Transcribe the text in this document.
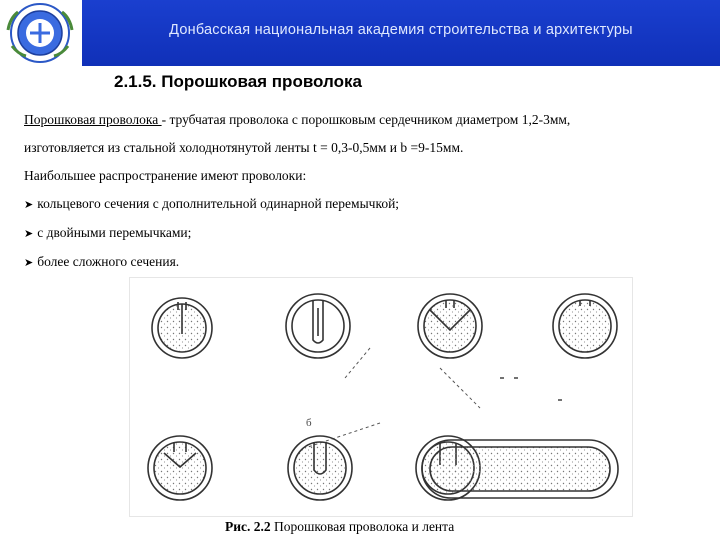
Донбасская национальная академия строительства и архитектуры
2.1.5. Порошковая проволока
Порошковая проволока - трубчатая проволока с порошковым сердечником диаметром 1,2-3мм,
изготовляется из стальной холоднотянутой ленты t = 0,3-0,5мм и b =9-15мм.
Наибольшее распространение имеют проволоки:
➤ кольцевого сечения с дополнительной одинарной перемычкой;
➤ с двойными перемычками;
➤ более сложного сечения.
б
Рис. 2.2 Порошковая проволока и лента
